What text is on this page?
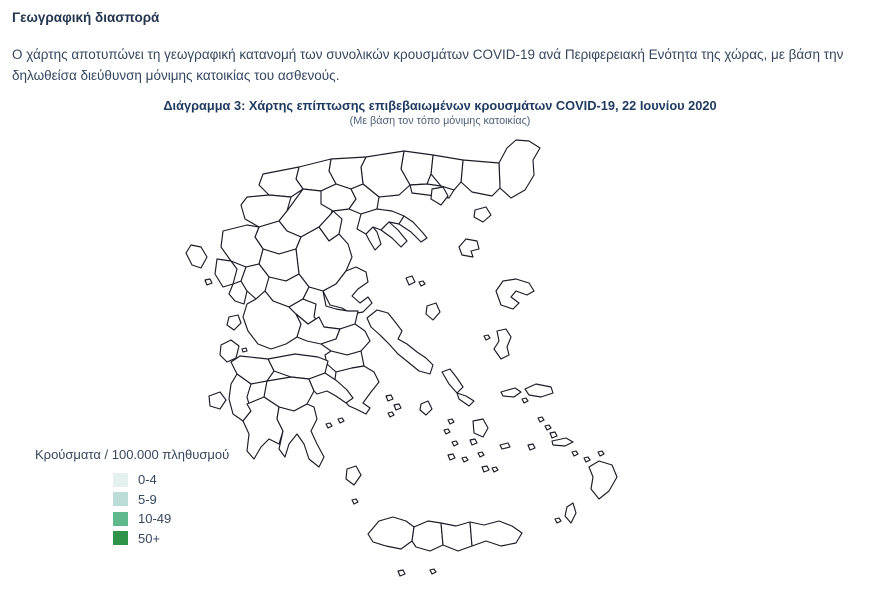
Γεωγραφική διασπορά
Ο χάρτης αποτυπώνει τη γεωγραφική κατανομή των συνολικών κρουσμάτων COVID-19 ανά Περιφερειακή Ενότητα της χώρας, με βάση την δηλωθείσα διεύθυνση μόνιμης κατοικίας του ασθενούς.
Διάγραμμα 3: Χάρτης επίπτωσης επιβεβαιωμένων κρουσμάτων COVID-19, 22 Ιουνίου 2020
(Με βάση τον τόπο μόνιμης κατοικίας)
Κρούσματα / 100.000 πληθυσμού
0-4
5-9
10-49
50+
